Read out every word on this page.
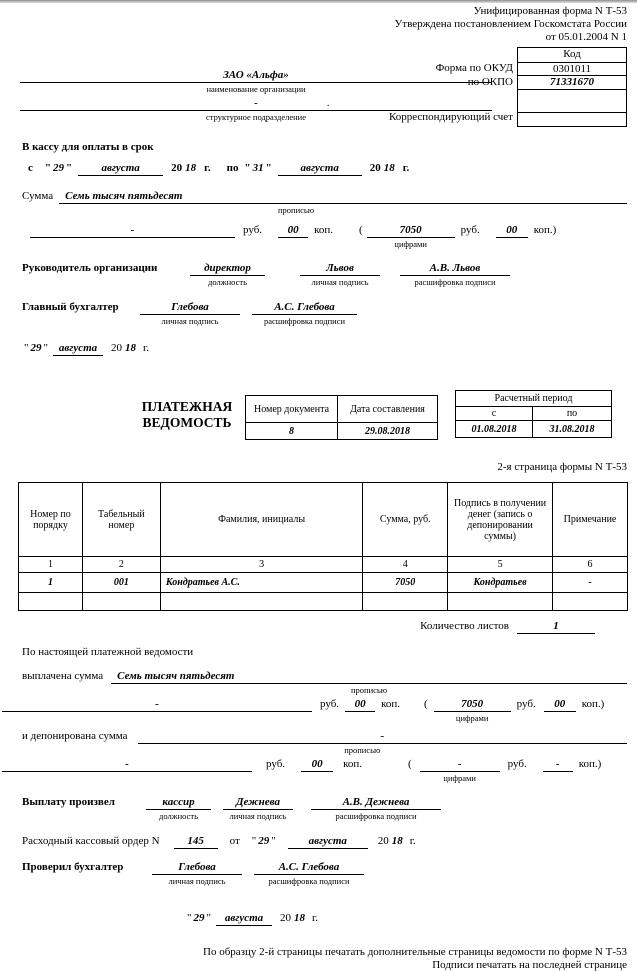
Унифицированная форма N Т-53
Утверждена постановлением Госкомстата России
от 05.01.2004 N 1
ЗАО «Альфа»
наименование организации
-	.
структурное подразделение
Код
0301011
71331670
Форма по ОКУД
по ОКПО
Корреспондирующий счет
В кассу для оплаты в срок
с " 29 "	августа	20 18 г. по " 31 "	августа	20 18 г.
Сумма	Семь тысяч пятьдесят
прописью
-	руб.	00	коп. (	7050
цифрами
руб.	00	коп.)
Руководитель организации	директор
должность
Львов
личная подпись
А.В. Львов
расшифровка подписи
Главный бухгалтер	Глебова
личная подпись
А.С. Глебова
расшифровка подписи
" 29 " августа	20 18 г.
ПЛАТЕЖНАЯ
ВЕДОМОСТЬ
Номер документа	Дата составления
8	29.08.2018
Расчетный период	
с	по
01.08.2018	31.08.2018
2-я страница формы N Т-53
Номер по порядку	Табельный номер	Фамилия, инициалы	Сумма, руб.	Подпись в получении денег (запись о депонировании суммы)	Примечание
1	2	3	4	5	6
1	001	Кондратьев А.С.	7050	Кондратьев	-

Количество листов	1
По настоящей платежной ведомости
выплачена сумма	Семь тысяч пятьдесят
прописью
-	руб.	00	коп. (	7050
цифрами
руб.	00	коп.)
и депонирована сумма	-
прописью
-	руб.	00	коп.	(	-
цифрами
руб.	-	коп.)
Выплату произвел	кассир
должность
Дежнева
личная подпись
А.В. Дежнева
расшифровка подписи
Расходный кассовый ордер N	145	от " 29 "	августа	20 18 г.
Проверил бухгалтер	Глебова
личная подпись
А.С. Глебова
расшифровка подписи
" 29 "	августа	20 18 г.
По образцу 2-й страницы печатать дополнительные страницы ведомости по форме N Т-53
Подписи печатать на последней странице
